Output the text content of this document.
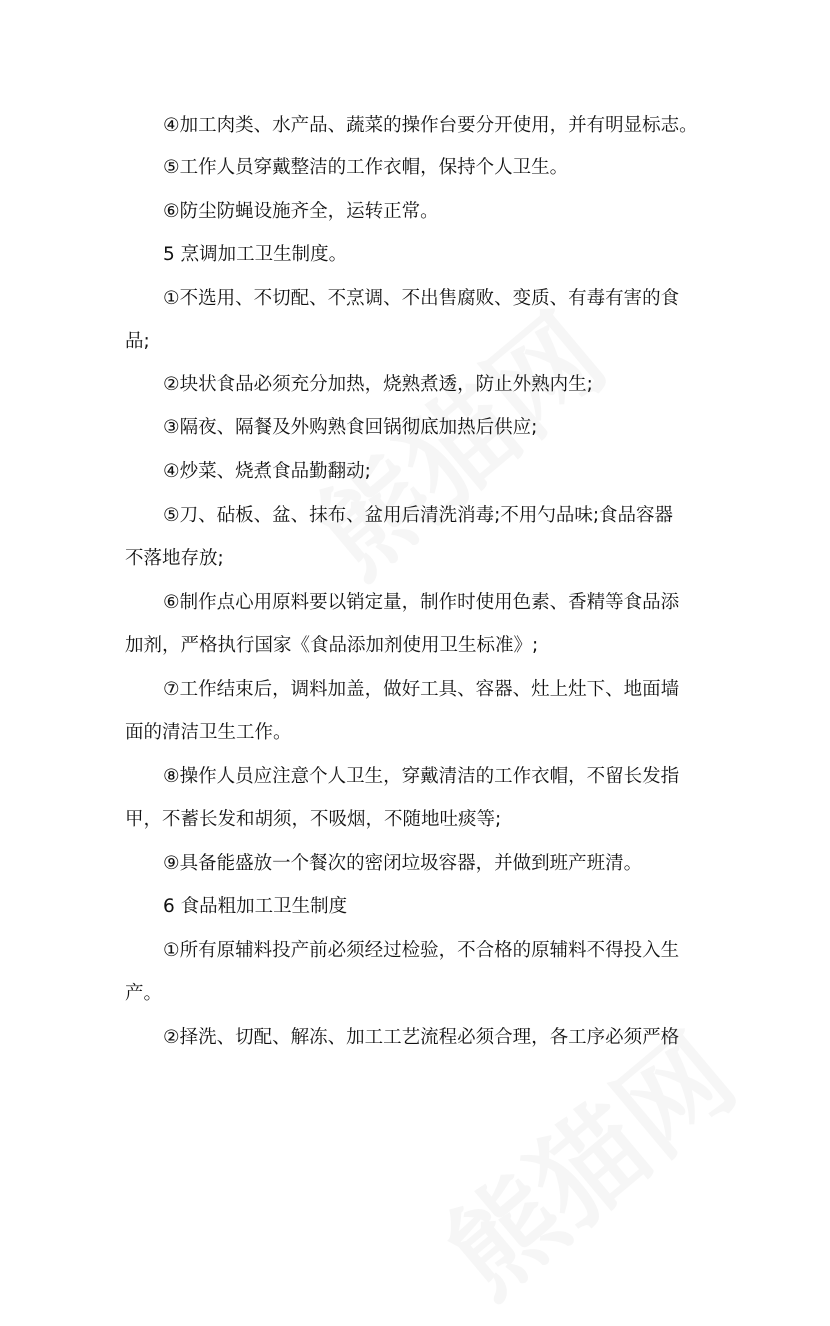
④加工肉类、水产品、蔬菜的操作台要分开使用，并有明显标志。
⑤工作人员穿戴整洁的工作衣帽，保持个人卫生。
⑥防尘防蝇设施齐全，运转正常。
5 烹调加工卫生制度。
①不选用、不切配、不烹调、不出售腐败、变质、有毒有害的食
品;
②块状食品必须充分加热，烧熟煮透，防止外熟内生;
③隔夜、隔餐及外购熟食回锅彻底加热后供应;
④炒菜、烧煮食品勤翻动;
⑤刀、砧板、盆、抹布、盆用后清洗消毒;不用勺品味;食品容器
不落地存放;
⑥制作点心用原料要以销定量，制作时使用色素、香精等食品添
加剂，严格执行国家《食品添加剂使用卫生标准》;
⑦工作结束后，调料加盖，做好工具、容器、灶上灶下、地面墙
面的清洁卫生工作。
⑧操作人员应注意个人卫生，穿戴清洁的工作衣帽，不留长发指
甲，不蓄长发和胡须，不吸烟，不随地吐痰等;
⑨具备能盛放一个餐次的密闭垃圾容器，并做到班产班清。
6 食品粗加工卫生制度
①所有原辅料投产前必须经过检验，不合格的原辅料不得投入生
产。
②择洗、切配、解冻、加工工艺流程必须合理，各工序必须严格
